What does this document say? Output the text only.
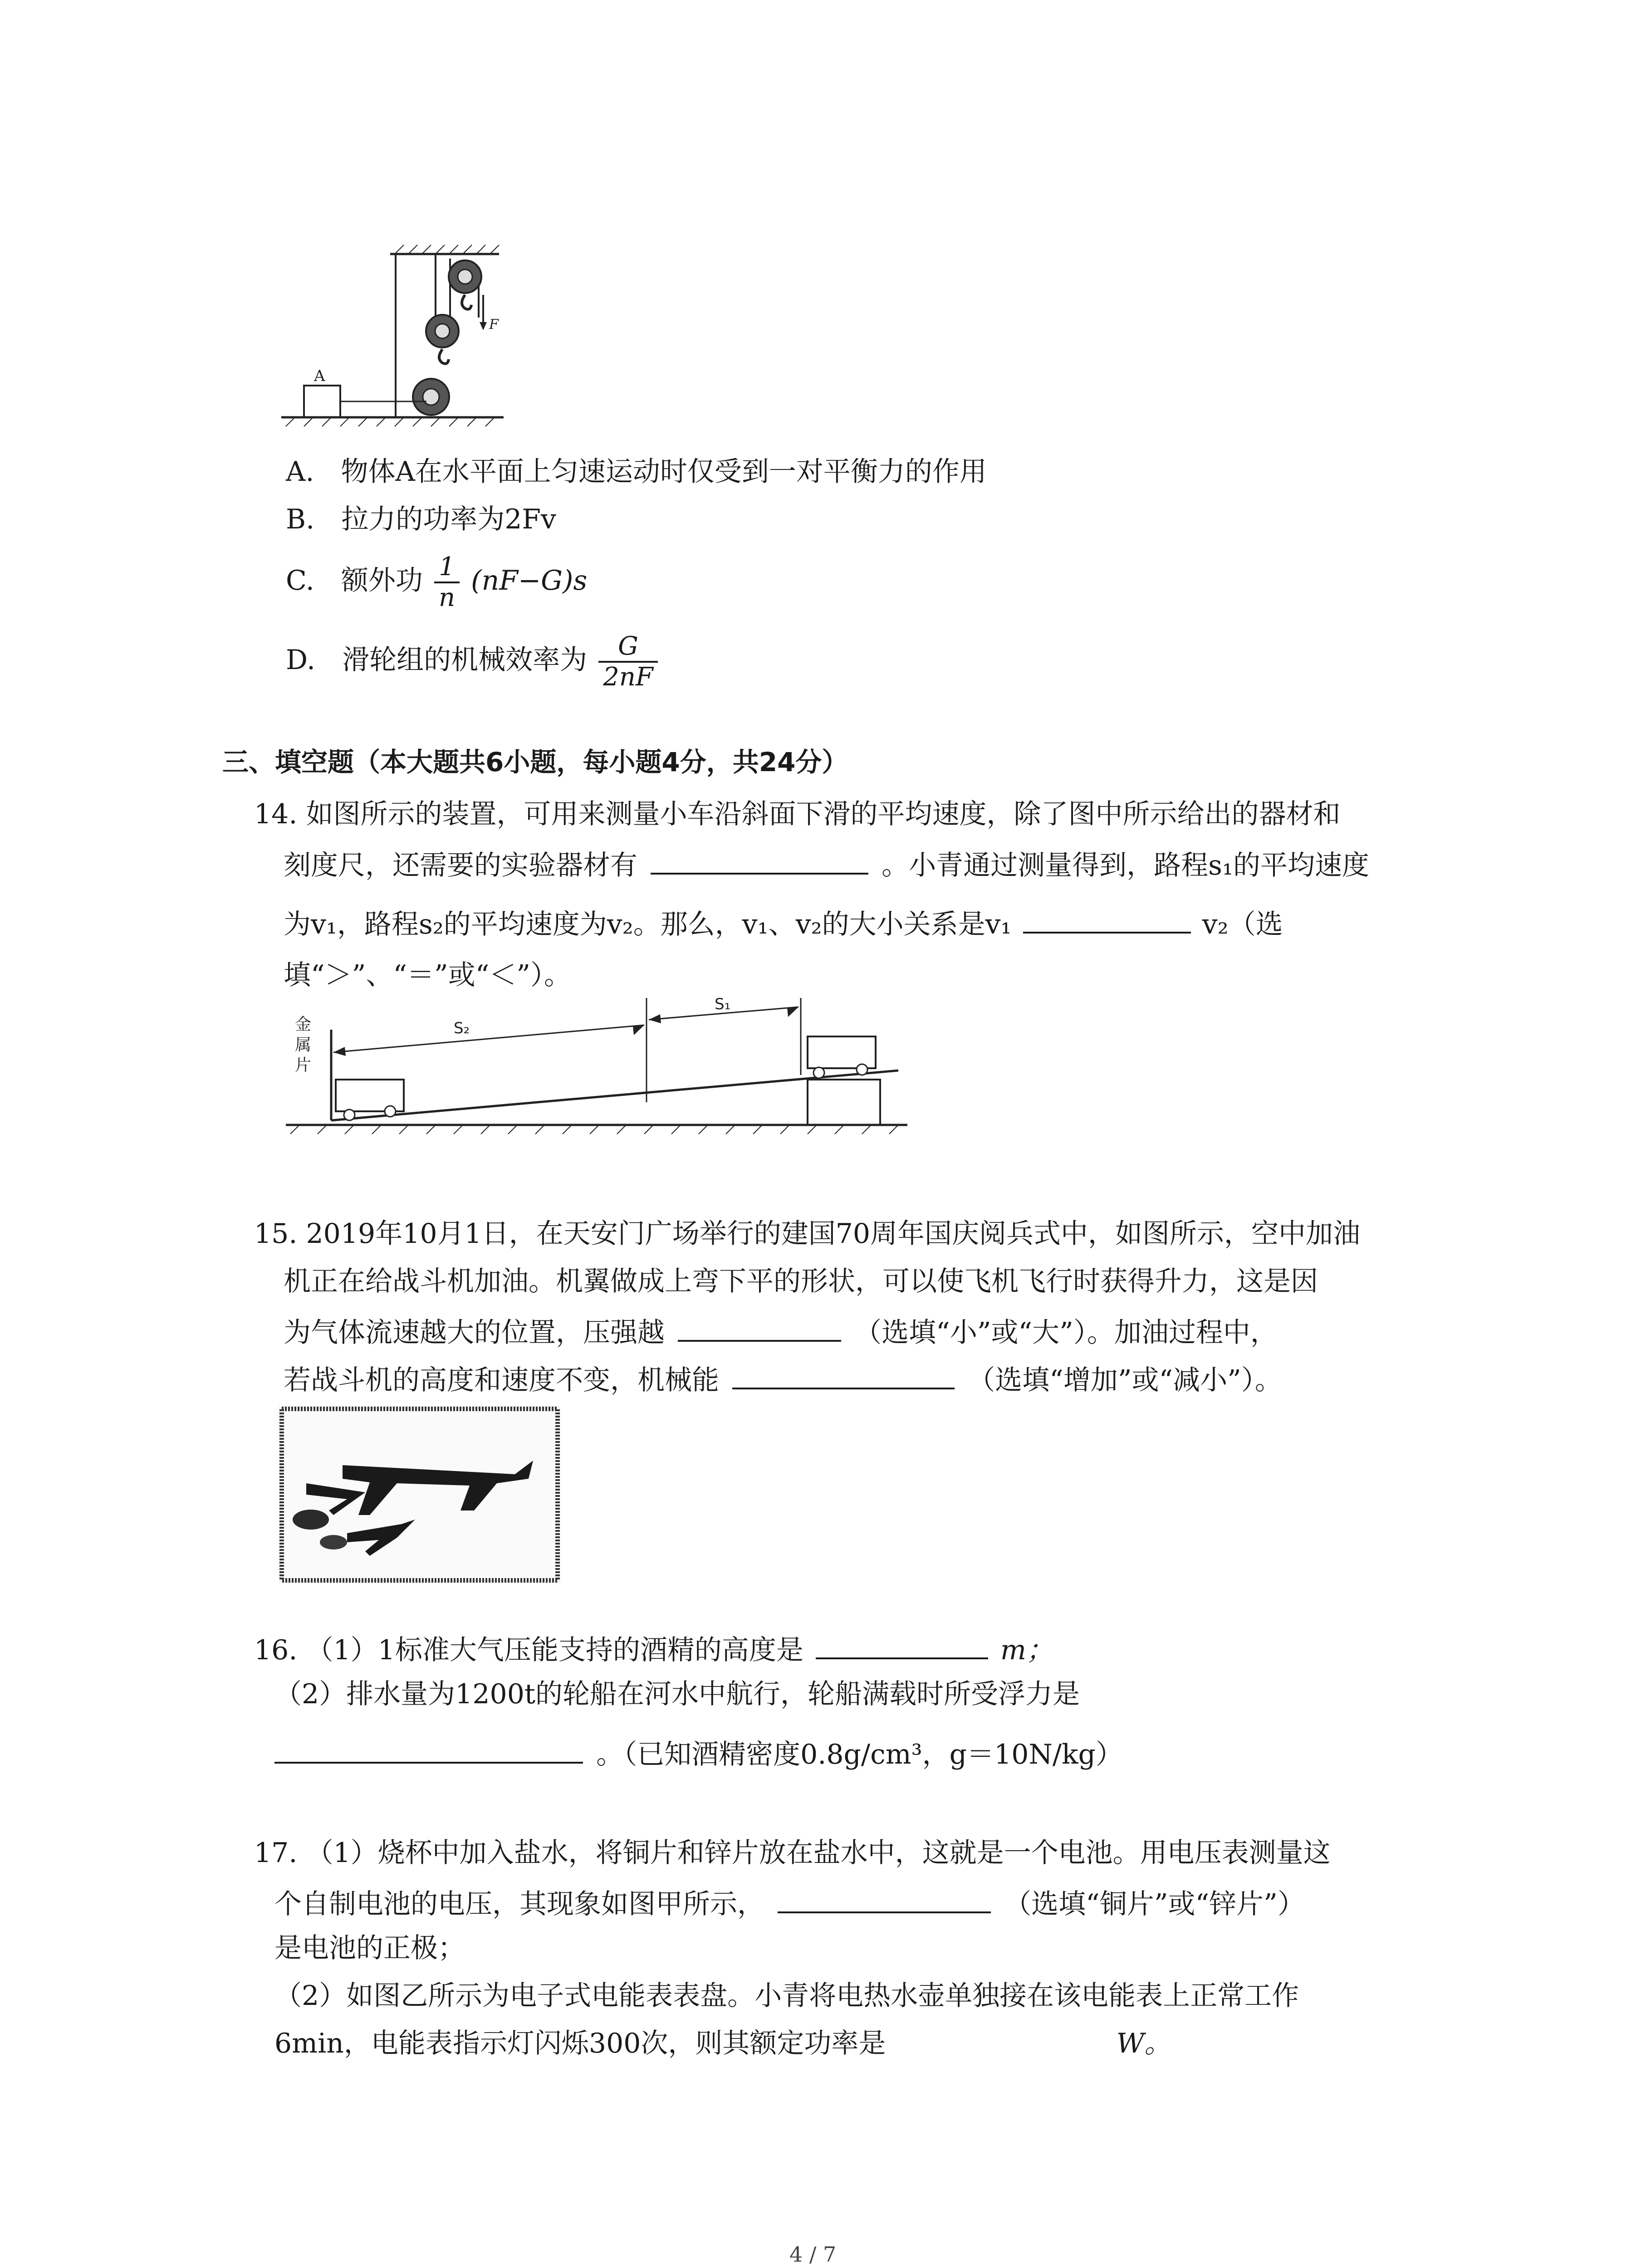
F
A
A. 物体A在水平面上匀速运动时仅受到一对平衡力的作用
B. 拉力的功率为2Fv
C. 额外功 $\frac{1}{n} (nF-G)s$
D. 滑轮组的机械效率为 $\frac{G}{2nF}$
三、填空题（本大题共6小题，每小题4分，共24分）
14. 如图所示的装置，可用来测量小车沿斜面下滑的平均速度，除了图中所示给出的器材和
刻度尺，还需要的实验器材有	。小青通过测量得到，路程s₁的平均速度
为v₁，路程s₂的平均速度为v₂。那么，v₁、v₂的大小关系是v₁	v₂（选
填“＞”、“＝”或“＜”）。
金
属
片
S₂
S₁
15. 2019年10月1日，在天安门广场举行的建国70周年国庆阅兵式中，如图所示，空中加油
机正在给战斗机加油。机翼做成上弯下平的形状，可以使飞机飞行时获得升力，这是因
为气体流速越大的位置，压强越	（选填“小”或“大”）。加油过程中，
若战斗机的高度和速度不变，机械能	（选填“增加”或“减小”）。
16. （1）1标准大气压能支持的酒精的高度是	m；
（2）排水量为1200t的轮船在河水中航行，轮船满载时所受浮力是
。（已知酒精密度0.8g/cm³，g＝10N/kg）
17. （1）烧杯中加入盐水，将铜片和锌片放在盐水中，这就是一个电池。用电压表测量这
个自制电池的电压，其现象如图甲所示，	（选填“铜片”或“锌片”）
是电池的正极；
（2）如图乙所示为电子式电能表表盘。小青将电热水壶单独接在该电能表上正常工作
6min，电能表指示灯闪烁300次，则其额定功率是	W。
4 / 7
